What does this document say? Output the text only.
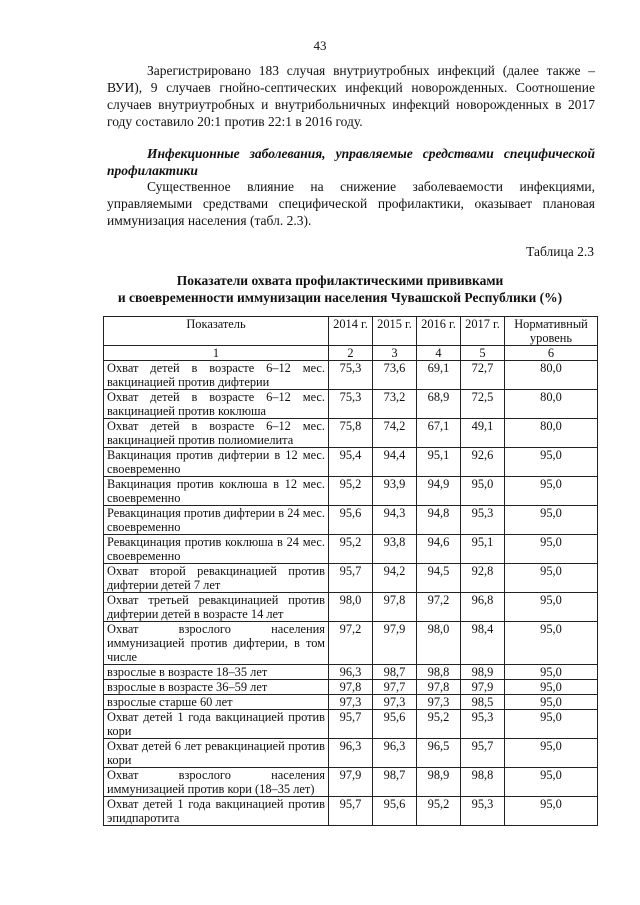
43
Зарегистрировано 183 случая внутриутробных инфекций (далее также – ВУИ), 9 случаев гнойно-септических инфекций новорожденных. Соотношение случаев внутриутробных и внутрибольничных инфекций новорожденных в 2017 году составило 20:1 против 22:1 в 2016 году.
Инфекционные заболевания, управляемые средствами специфической профилактики
Существенное влияние на снижение заболеваемости инфекциями, управляемыми средствами специфической профилактики, оказывает плановая иммунизация населения (табл. 2.3).
Таблица 2.3
Показатели охвата профилактическими прививками
и своевременности иммунизации населения Чувашской Республики (%)
Показатель	2014 г.	2015 г.	2016 г.	2017 г.	Нормативный уровень
1	2	3	4	5	6
Охват детей в возрасте 6–12 мес. вакцинацией против дифтерии	75,3	73,6	69,1	72,7	80,0
Охват детей в возрасте 6–12 мес. вакцинацией против коклюша	75,3	73,2	68,9	72,5	80,0
Охват детей в возрасте 6–12 мес. вакцинацией против полиомиелита	75,8	74,2	67,1	49,1	80,0
Вакцинация против дифтерии в 12 мес. своевременно	95,4	94,4	95,1	92,6	95,0
Вакцинация против коклюша в 12 мес. своевременно	95,2	93,9	94,9	95,0	95,0
Ревакцинация против дифтерии в 24 мес. своевременно	95,6	94,3	94,8	95,3	95,0
Ревакцинация против коклюша в 24 мес. своевременно	95,2	93,8	94,6	95,1	95,0
Охват второй ревакцинацией против дифтерии детей 7 лет	95,7	94,2	94,5	92,8	95,0
Охват третьей ревакцинацией против дифтерии детей в возрасте 14 лет	98,0	97,8	97,2	96,8	95,0
Охват взрослого населения иммунизацией против дифтерии, в том числе	97,2	97,9	98,0	98,4	95,0
взрослые в возрасте 18–35 лет	96,3	98,7	98,8	98,9	95,0
взрослые в возрасте 36–59 лет	97,8	97,7	97,8	97,9	95,0
взрослые старше 60 лет	97,3	97,3	97,3	98,5	95,0
Охват детей 1 года вакцинацией против кори	95,7	95,6	95,2	95,3	95,0
Охват детей 6 лет ревакцинацией против кори	96,3	96,3	96,5	95,7	95,0
Охват взрослого населения иммунизацией против кори (18–35 лет)	97,9	98,7	98,9	98,8	95,0
Охват детей 1 года вакцинацией против эпидпаротита	95,7	95,6	95,2	95,3	95,0
